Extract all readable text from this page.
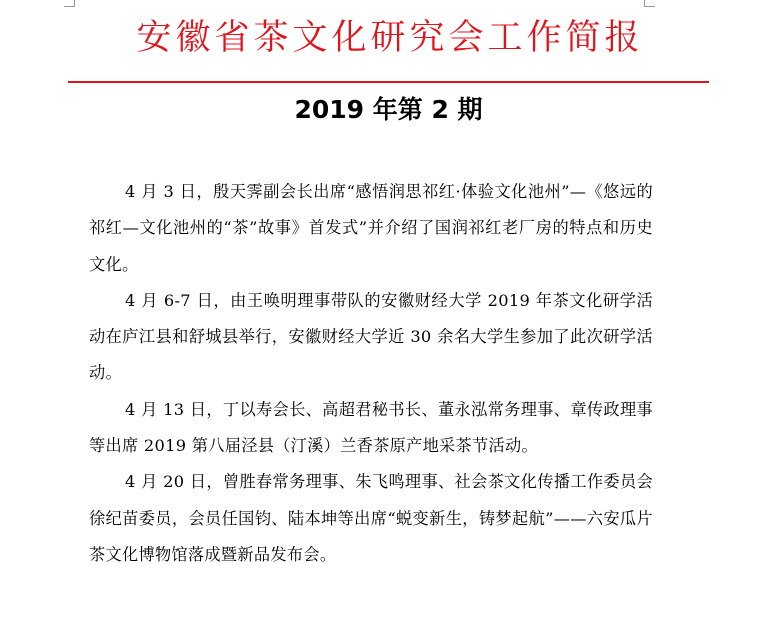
安徽省茶文化研究会工作简报
2019 年第 2 期

4 月 3 日，殷天霁副会长出席“感悟润思祁红·体验文化池州”—《悠远的祁红—文化池州的“茶”故事》首发式”并介绍了国润祁红老厂房的特点和历史文化。

4 月 6-7 日，由王唤明理事带队的安徽财经大学 2019 年茶文化研学活动在庐江县和舒城县举行，安徽财经大学近 30 余名大学生参加了此次研学活动。

4 月 13 日，丁以寿会长、高超君秘书长、董永泓常务理事、章传政理事等出席 2019 第八届泾县（汀溪）兰香茶原产地采茶节活动。

4 月 20 日，曾胜春常务理事、朱飞鸣理事、社会茶文化传播工作委员会徐纪苗委员，会员任国钧、陆本坤等出席“蜕变新生，铸梦起航”——六安瓜片茶文化博物馆落成暨新品发布会。
